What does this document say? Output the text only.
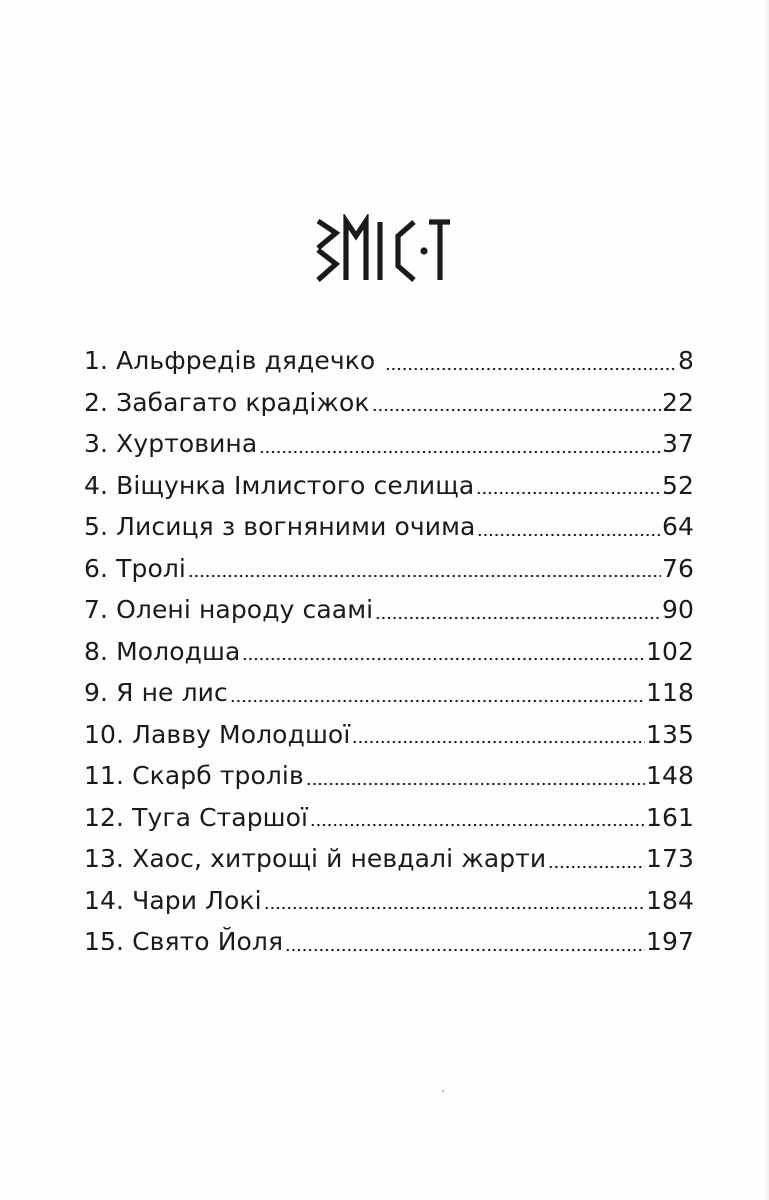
1. Альфредів дядечко	8
2. Забагато крадіжок	22
3. Хуртовина	37
4. Віщунка Імлистого селища	52
5. Лисиця з вогняними очима	64
6. Тролі	76
7. Олені народу саамі	90
8. Молодша	102
9. Я не лис	118
10. Лавву Молодшої	135
11. Скарб тролів	148
12. Туга Старшої	161
13. Хаос, хитрощі й невдалі жарти	173
14. Чари Локі	184
15. Свято Йоля	197
